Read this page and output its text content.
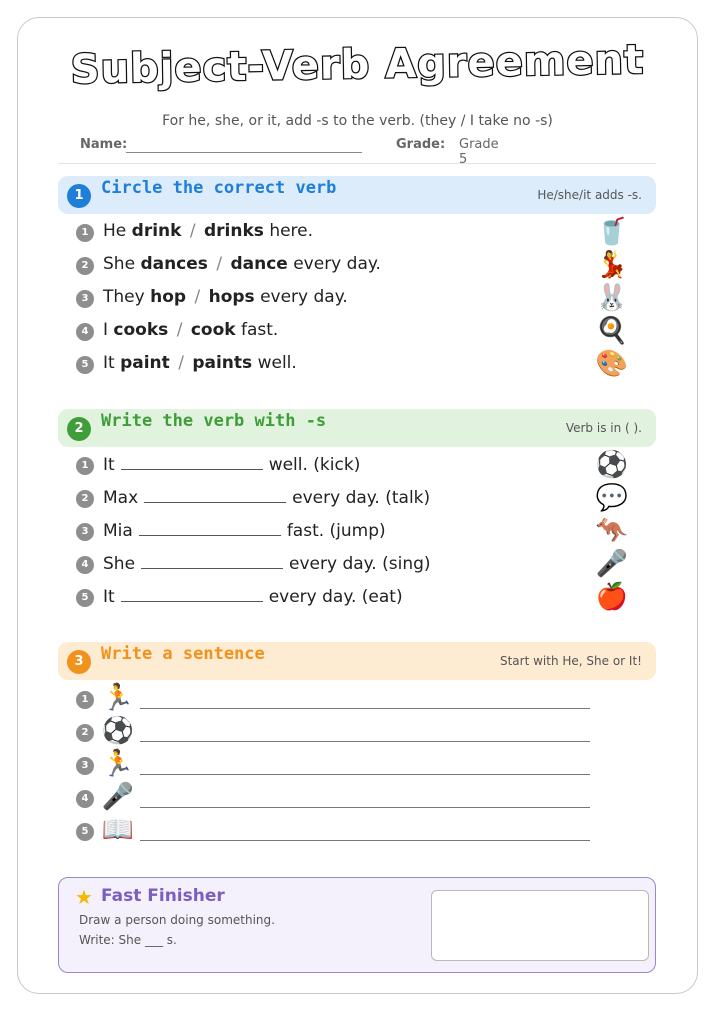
Subject-Verb Agreement
For he, she, or it, add -s to the verb. (they / I take no -s)
Name:	Grade: Grade 5
1	Circle the correct verb	He/she/it adds -s.
1 He drink / drinks here.	🥤
2 She dances / dance every day.	💃
3 They hop / hops every day.	🐰
4 I cooks / cook fast.	🍳
5 It paint / paints well.	🎨
2	Write the verb with -s	Verb is in ( ).
1 It	well. (kick)	⚽
2 Max	every day. (talk)	💬
3 Mia	fast. (jump)	🦘
4 She	every day. (sing)	🎤
5 It	every day. (eat)	🍎
3	Write a sentence	Start with He, She or It!
1 🏃
2 ⚽
3 🏃
4 🎤
5 📖
★ Fast Finisher
Draw a person doing something.
Write: She ___ s.
